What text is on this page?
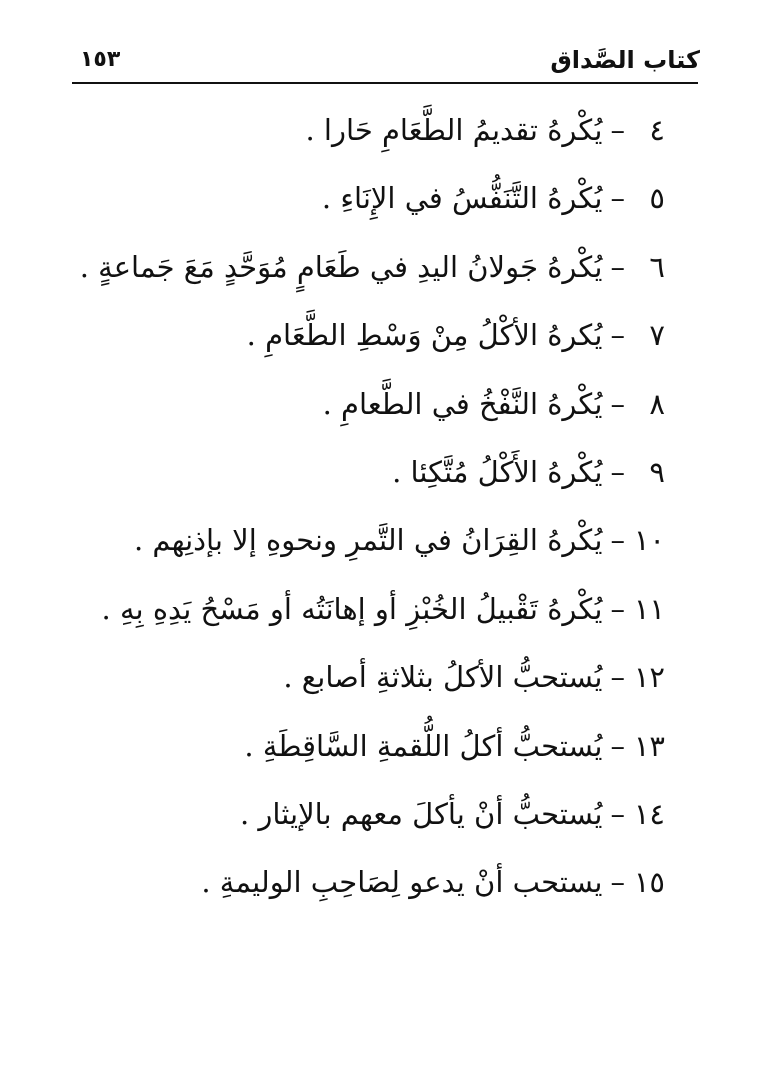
كتاب الصَّداق
١٥٣
٤–يُكْرهُ تقديمُ الطَّعَامِ حَارا .
٥–يُكْرهُ التَّنَفُّسُ في الإِنَاءِ .
٦–يُكْرهُ جَولانُ اليدِ في طَعَامٍ مُوَحَّدٍ مَعَ جَماعةٍ .
٧–يُكرهُ الأكْلُ مِنْ وَسْطِ الطَّعَامِ .
٨–يُكْرهُ النَّفْخُ في الطَّعامِ .
٩–يُكْرهُ الأَكْلُ مُتَّكِئا .
١٠–يُكْرهُ القِرَانُ في التَّمرِ ونحوهِ إلا بإذنِهم .
١١–يُكْرهُ تَقْبيلُ الخُبْزِ أو إهانَتُه أو مَسْحُ يَدِهِ بِهِ .
١٢–يُستحبُّ الأكلُ بثلاثةِ أصابع .
١٣–يُستحبُّ أكلُ اللُّقمةِ السَّاقِطَةِ .
١٤–يُستحبُّ أنْ يأكلَ معهم بالإيثار .
١٥–يستحب أنْ يدعو لِصَاحِبِ الوليمةِ .
